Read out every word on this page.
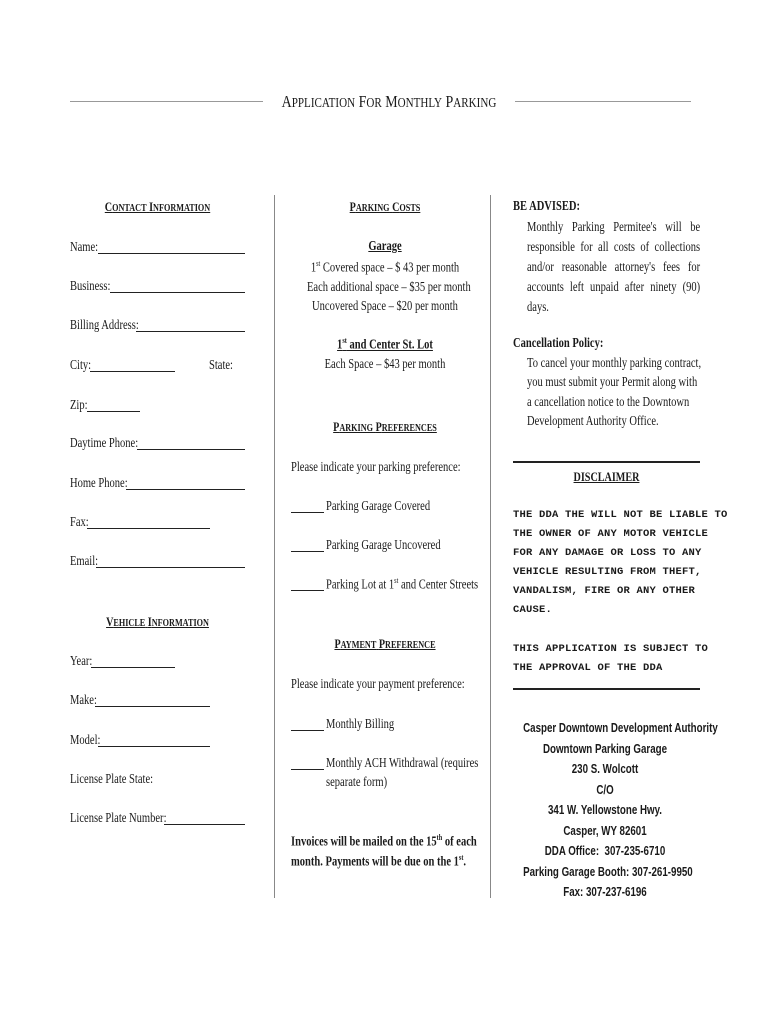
APPLICATION FOR MONTHLY PARKING
CONTACT INFORMATION
Name:
Business:
Billing Address:
City:	State:
Zip:
Daytime Phone:
Home Phone:
Fax:
Email:
VEHICLE INFORMATION
Year:
Make:
Model:
License Plate State:
License Plate Number:
PARKING COSTS
Garage
1st Covered space – $ 43 per month
Each additional space – $35 per month
Uncovered Space – $20 per month
1st and Center St. Lot
Each Space – $43 per month
PARKING PREFERENCES
Please indicate your parking preference:
Parking Garage Covered
Parking Garage Uncovered
Parking Lot at 1st and Center Streets
PAYMENT PREFERENCE
Please indicate your payment preference:
Monthly Billing
Monthly ACH Withdrawal (requires
separate form)
Invoices will be mailed on the 15th of each
month. Payments will be due on the 1st.
BE ADVISED:
Monthly Parking Permitee's will be
responsible for all costs of collections
and/or reasonable attorney's fees for
accounts left unpaid after ninety (90)
days.
Cancellation Policy:
To cancel your monthly parking contract,
you must submit your Permit along with
a cancellation notice to the Downtown
Development Authority Office.
DISCLAIMER
THE DDA THE WILL NOT BE LIABLE TO
THE OWNER OF ANY MOTOR VEHICLE
FOR ANY DAMAGE OR LOSS TO ANY
VEHICLE RESULTING FROM THEFT,
VANDALISM, FIRE OR ANY OTHER
CAUSE.
THIS APPLICATION IS SUBJECT TO
THE APPROVAL OF THE DDA
Casper Downtown Development Authority
Downtown Parking Garage
230 S. Wolcott
C/O
341 W. Yellowstone Hwy.
Casper, WY 82601
DDA Office:  307-235-6710
Parking Garage Booth: 307-261-9950
Fax: 307-237-6196
